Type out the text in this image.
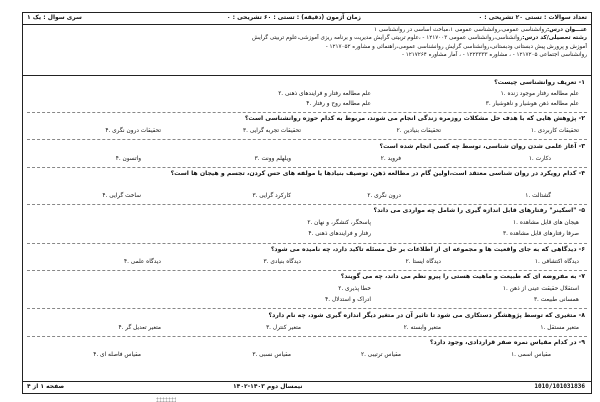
تعداد سوالات : تستی ۲۰ تشریحی : ۰
زمان آزمون (دقیقه) : تستی : ۶۰ تشریحی : ۰
سری سوال : یک ۱
عنـــوان درس:روانشناسی عمومی،روانشناسی عمومی ۱،مباحث اساسی در روانشناسی ۱
رشته تحصیلی/کد درس:روانشناسی،روانشناسی عمومی ۱۲۱۷۰۰۳ - ،علوم تربیتی گرایش مدیریت و برنامه ریزی آموزشی،علوم تربیتی گرایش
آموزش و پرورش پیش دبستانی ودبستانی،روانشناسی گرایش روانشناسی عمومی،راهنمائی و مشاوره ۱۲۱۷۰۵۲ -
روانشناسی اجتماعی ۱۲۱۷۲۰۵ - ، مشاوره ۱۲۲۳۳۳۳ - ، آمار مشاوره ۱۲۱۷۲۶۴ -
۱- تعریف روانشناسی چیست؟
۱. علم مطالعه رفتار موجود زنده
۲. علم مطالعه رفتار و فرایندهای ذهنی
۳. علم مطالعه ذهن هوشیار و ناهوشیار
۴. علم مطالعه روح و رفتار
۲- پژوهش هایی که با هدف حل مشکلات روزمره زندگی انجام می شوند، مربوط به کدام حوزه روانشناسی است؟
۱. تحقیقات کاربردی
۲. تحقیقات بنیادین
۳. تحقیقات تجربه گرایی
۴. تحقیقات درون نگری
۳- آغاز علمی شدن روان شناسی، توسط چه کسی انجام شده است؟
۱. دکارت
۲. فروید
۳. ویلهلم وونت
۴. واتسون
۴- کدام رویکرد در روان شناسی معتقد است،اولین گام در مطالعه ذهن، توصیف بنیادها یا مولفه های حس کردن، تجسم و هیجان ها است؟
۱. گشتالت
۲. درون نگری
۳. کارکرد گرایی
۴. ساخت گرایی
۵- "اسکینر" رفتارهای قابل اندازه گیری را شامل چه مواردی می داند؟
۱. هیجان های قابل مشاهده
۲. پاسخگر، کنشگر، و نهان
۳. صرفا رفتارهای قابل مشاهده
۴. رفتار و فرایندهای ذهنی
۶- دیدگاهی که به جای واقعیت ها و مجموعه ای از اطلاعات بر حل مسئله تاکید دارد، چه نامیده می شود؟
۱. دیدگاه اکتشافی
۲. دیدگاه ایستا
۳. دیدگاه بنیادی
۴. دیدگاه علمی
۷- به مفروضه ای که طبیعت و ماهیت هستی را پیرو نظم می داند، چه می گویند؟
۱. استقلال حقیقت عینی از ذهن
۲. خطا پذیری
۳. همسانی طبیعت
۴. ادراک و استدلال
۸- متغیری که توسط پژوهشگر دستکاری می شود تا تاثیر آن در متغیر دیگر اندازه گیری شود، چه نام دارد؟
۱. متغیر مستقل
۲. متغیر وابسته
۳. متغیر کنترل
۴. متغیر تعدیل گر
۹- در کدام مقیاس نمره صفر قراردادی، وجود دارد؟
۱. مقیاس اسمی
۲. مقیاس ترتیبی
۳. مقیاس نسبی
۴. مقیاس فاصله ای
صفحه ۱ از ۴	نیمسال دوم ۱۴۰۳-۱۴۰۲	1010/101031836
